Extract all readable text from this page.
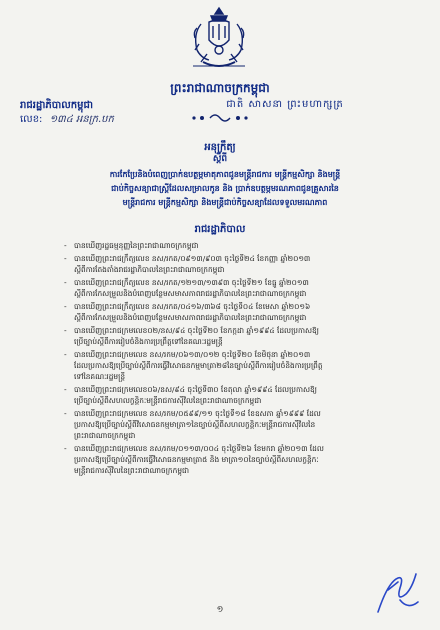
ព្រះរាជាណាចក្រកម្ពុជា
រាជរដ្ឋាភិបាលកម្ពុជា	ជាតិ សាសនា ព្រះមហាក្សត្រ
លេខ: ១៣៤ អនក្រ.បក
អនុក្រឹត្យ
ស្តីពី
ការកែប្រែ​និង​​​បំពេញ​ប្រាក់​​​ឧបត្ថម្ភ​មាតុភាព​ជូន​​មន្ត្រី​​រាជការ មន្ត្រី​​កម្មសិក្សា និង​​មន្ត្រី
ជាប់​កិច្ច​សន្យា​ជា​ស្ត្រី​ដែល​សម្រាល​កូន និង ប្រាក់​ឧបត្ថម្ភ​មរណភាព​ជូន​គ្រួសារ​​នៃ
មន្ត្រីរាជការ មន្ត្រីកម្មសិក្សា និង​មន្ត្រី​ជាប់​កិច្ច​សន្យា​ដែល​ទទួល​មរណភាព
រាជរដ្ឋាភិបាល
- បានឃើញរដ្ឋធម្មនុញ្ញនៃព្រះរាជាណាចក្រកម្ពុជា
- បានឃើញព្រះរាជក្រឹត្យលេខ នស/រកត/០៩១៣/៩០៣ ចុះថ្ងៃទី២៤ ខែកញ្ញា ឆ្នាំ២០១៣
ស្តីពីការតែងតាំងរាជរដ្ឋាភិបាលនៃព្រះរាជាណាចក្រកម្ពុជា
- បានឃើញព្រះរាជក្រឹត្យលេខ នស/រកត/១២១៣/១៣៩៣ ចុះថ្ងៃទី២១ ខែធ្នូ ឆ្នាំ២០១៣
ស្តីពីការកែសម្រួលនិងបំពេញបន្ថែមសមាសភាពរាជរដ្ឋាភិបាលនៃព្រះរាជាណាចក្រកម្ពុជា
- បានឃើញព្រះរាជក្រឹត្យលេខ នស/រកត/០៤១៦/៣៦៨ ចុះថ្ងៃទី០៤ ខែមេសា ឆ្នាំ២០១៦
ស្តីពីការកែសម្រួលនិងបំពេញបន្ថែមសមាសភាពរាជរដ្ឋាភិបាលនៃព្រះរាជាណាចក្រកម្ពុជា
- បានឃើញព្រះរាជក្រមលេខ០២/នស/៩៤ ចុះថ្ងៃទី២០ ខែកក្កដា ឆ្នាំ១៩៩៤ ដែលប្រកាសឱ្យ
ប្រើច្បាប់ស្តីពីការរៀបចំនិងការប្រព្រឹត្តទៅនៃគណៈរដ្ឋមន្ត្រី
- បានឃើញព្រះរាជក្រមលេខ នស/រកម/០៦១៣/០១២ ចុះថ្ងៃទី២០ ខែមិថុនា ឆ្នាំ២០១៣
ដែលប្រកាសឱ្យប្រើច្បាប់ស្តីពីការធ្វើវិសោធនកម្មមាត្រា២៨នៃច្បាប់ស្តីពីការរៀបចំនិងការប្រព្រឹត្ត
ទៅនៃគណៈរដ្ឋមន្ត្រី
- បានឃើញព្រះរាជក្រមលេខ០៦/នស/៩៤ ចុះថ្ងៃទី៣០ ខែតុលា ឆ្នាំ១៩៩៤ ដែលប្រកាសឱ្យ
ប្រើច្បាប់ស្តីពីសហលក្ខន្តិកៈមន្ត្រីរាជការស៊ីវិលនៃព្រះរាជាណាចក្រកម្ពុជា
- បានឃើញព្រះរាជក្រមលេខ នស/រកម/០៥៩៩/១១ ចុះថ្ងៃទី១៨ ខែឧសភា ឆ្នាំ១៩៩៩ ដែល
ប្រកាសឱ្យប្រើច្បាប់ស្តីពីវិសោធនកម្មមាត្រា១នៃច្បាប់ស្តីពីសហលក្ខន្តិកៈមន្ត្រីរាជការស៊ីវិលនៃ
ព្រះរាជាណាចក្រកម្ពុជា
- បានឃើញព្រះរាជក្រមលេខ នស/រកម/០១១៣/០០៤ ចុះថ្ងៃទី២៦ ខែមករា ឆ្នាំ២០១៣ ដែល
ប្រកាសឱ្យប្រើច្បាប់ស្តីពីការធ្វើវិសោធនកម្មមាត្រា៥ និង មាត្រា១០នៃច្បាប់ស្តីពីសហលក្ខន្តិកៈ
មន្ត្រីរាជការស៊ីវិលនៃព្រះរាជាណាចក្រកម្ពុជា
១
